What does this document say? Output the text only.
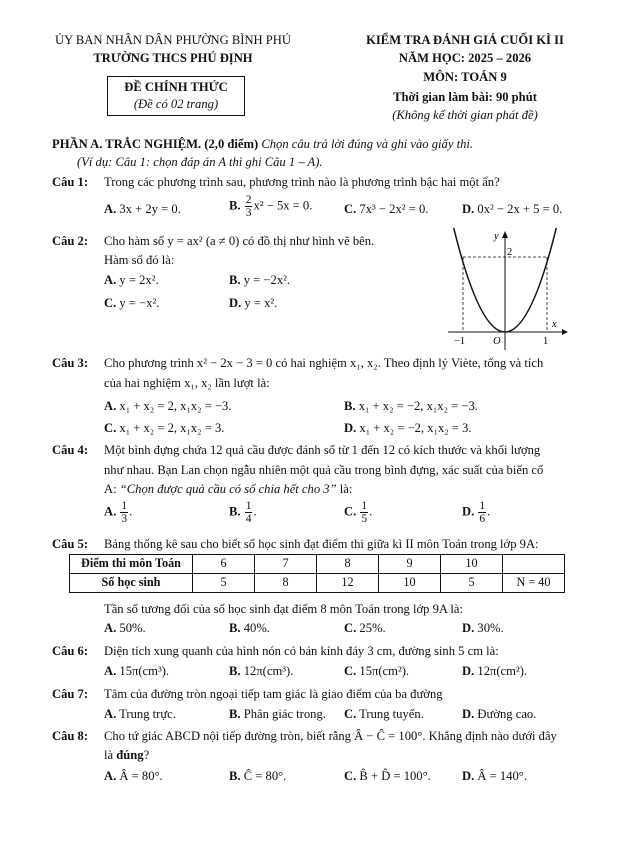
ỦY BAN NHÂN DÂN PHƯỜNG BÌNH PHÚ
TRƯỜNG THCS PHÚ ĐỊNH
ĐỀ CHÍNH THỨC
(Đề có 02 trang)
KIỂM TRA ĐÁNH GIÁ CUỐI KÌ II
NĂM HỌC: 2025 – 2026
MÔN: TOÁN 9
Thời gian làm bài: 90 phút
(Không kể thời gian phát đề)
PHẦN A. TRẮC NGHIỆM. (2,0 điểm) Chọn câu trả lời đúng và ghi vào giấy thi.
(Ví dụ: Câu 1: chọn đáp án A thì ghi Câu 1 – A).
Câu 1: Trong các phương trình sau, phương trình nào là phương trình bậc hai một ẩn?
A. 3x + 2y = 0.	B. $\frac{2}{3} x^2 - 5x = 0$.	C. 7x³ − 2x² = 0.	D. 0x² − 2x + 5 = 0.
Câu 2: Cho hàm số y = ax² (a ≠ 0) có đồ thị như hình vẽ bên.
Hàm số đó là:
A. y = 2x².	B. y = −2x².
C. y = −x².	D. y = x².
y
x
2
O
−1	1
Câu 3: Cho phương trình x² − 2x − 3 = 0 có hai nghiệm x₁, x₂. Theo định lý Viète, tổng và tích
của hai nghiệm x₁, x₂ lần lượt là:
A. x₁ + x₂ = 2, x₁x₂ = −3.	B. x₁ + x₂ = −2, x₁x₂ = −3.
C. x₁ + x₂ = 2, x₁x₂ = 3.	D. x₁ + x₂ = −2, x₁x₂ = 3.
Câu 4: Một bình đựng chứa 12 quả cầu được đánh số từ 1 đến 12 có kích thước và khối lượng
như nhau. Bạn Lan chọn ngẫu nhiên một quả cầu trong bình đựng, xác suất của biến cố
A: “Chọn được quả cầu có số chia hết cho 3” là:
A. $\frac{1}{3}$ .	B. $\frac{1}{4}$ .	C. $\frac{1}{5}$ .	D. $\frac{1}{6}$ .
Câu 5: Bảng thống kê sau cho biết số học sinh đạt điểm thi giữa kì II môn Toán trong lớp 9A:
Điểm thi môn Toán	6	7	8	9	10	
Số học sinh	5	8	12	10	5	N = 40
Tần số tương đối của số học sinh đạt điểm 8 môn Toán trong lớp 9A là:
A. 50%.	B. 40%.	C. 25%.	D. 30%.
Câu 6: Diện tích xung quanh của hình nón có bán kính đáy 3 cm, đường sinh 5 cm là:
A. 15π(cm³).	B. 12π(cm³).	C. 15π(cm²).	D. 12π(cm²).
Câu 7: Tâm của đường tròn ngoại tiếp tam giác là giao điểm của ba đường
A. Trung trực.	B. Phân giác trong. C. Trung tuyến.	D. Đường cao.
Câu 8: Cho tứ giác ABCD nội tiếp đường tròn, biết rằng Â − Ĉ = 100°. Khẳng định nào dưới đây
là đúng?
A. Â = 80°.	B. Ĉ = 80°.	C. B̂ + D̂ = 100°. D. Â = 140°.
